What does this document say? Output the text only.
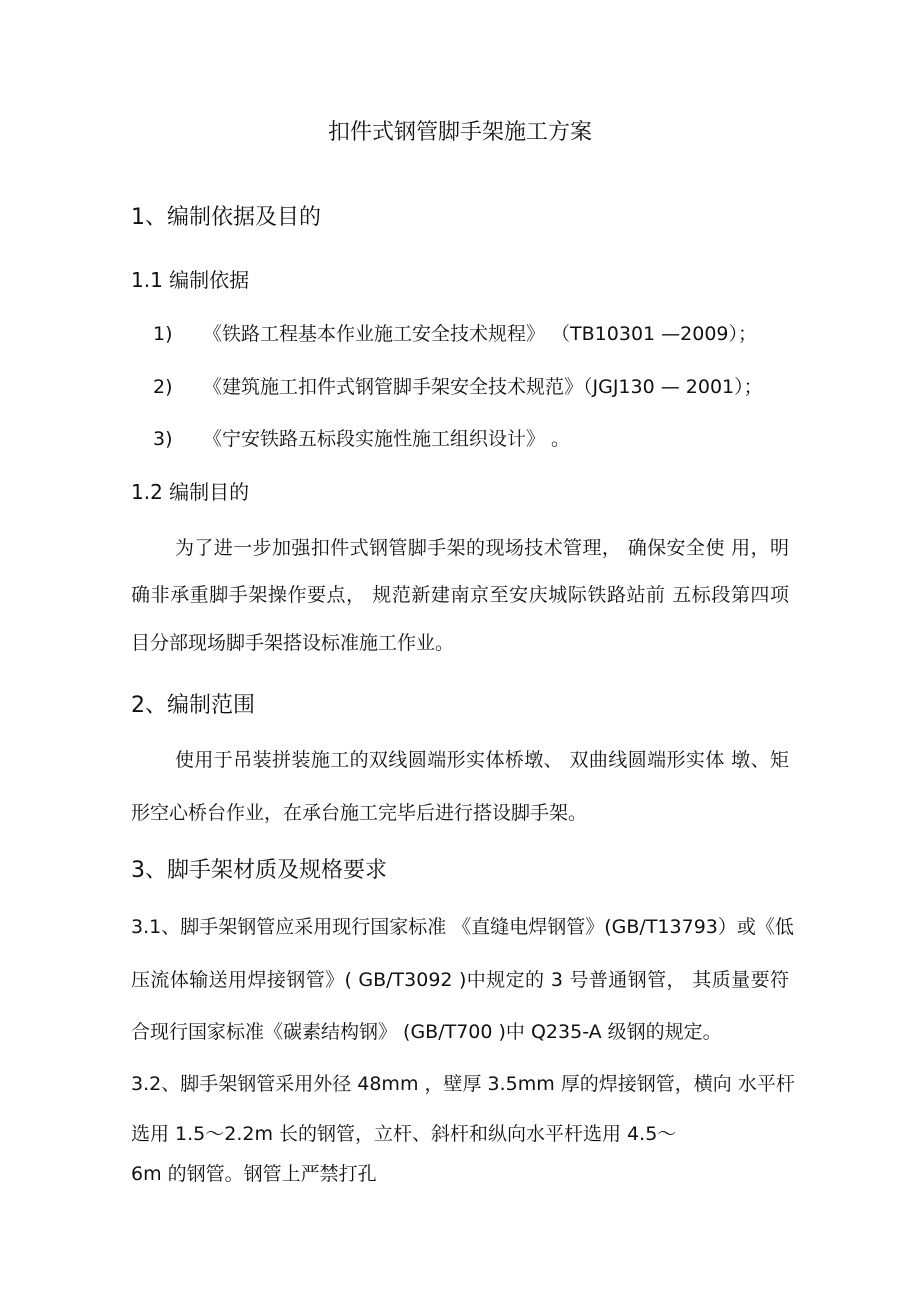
扣件式钢管脚手架施工方案
1、编制依据及目的
1.1 编制依据
1) 《铁路工程基本作业施工安全技术规程》 （TB10301 —2009）；
2) 《建筑施工扣件式钢管脚手架安全技术规范》（JGJ130 — 2001）；
3) 《宁安铁路五标段实施性施工组织设计》 。
1.2 编制目的
为了进一步加强扣件式钢管脚手架的现场技术管理， 确保安全使 用，明
确非承重脚手架操作要点， 规范新建南京至安庆城际铁路站前 五标段第四项
目分部现场脚手架搭设标准施工作业。
2、编制范围
使用于吊装拼装施工的双线圆端形实体桥墩、 双曲线圆端形实体 墩、矩
形空心桥台作业，在承台施工完毕后进行搭设脚手架。
3、脚手架材质及规格要求
3.1、脚手架钢管应采用现行国家标准 《直缝电焊钢管》(GB/T13793）或《低
压流体输送用焊接钢管》( GB/T3092 )中规定的 3 号普通钢管， 其质量要符
合现行国家标准《碳素结构钢》 (GB/T700 )中 Q235-A 级钢的规定。
3.2、脚手架钢管采用外径 48mm ，壁厚 3.5mm 厚的焊接钢管，横向 水平杆
选用 1.5～2.2m 长的钢管，立杆、斜杆和纵向水平杆选用 4.5～
6m 的钢管。钢管上严禁打孔
